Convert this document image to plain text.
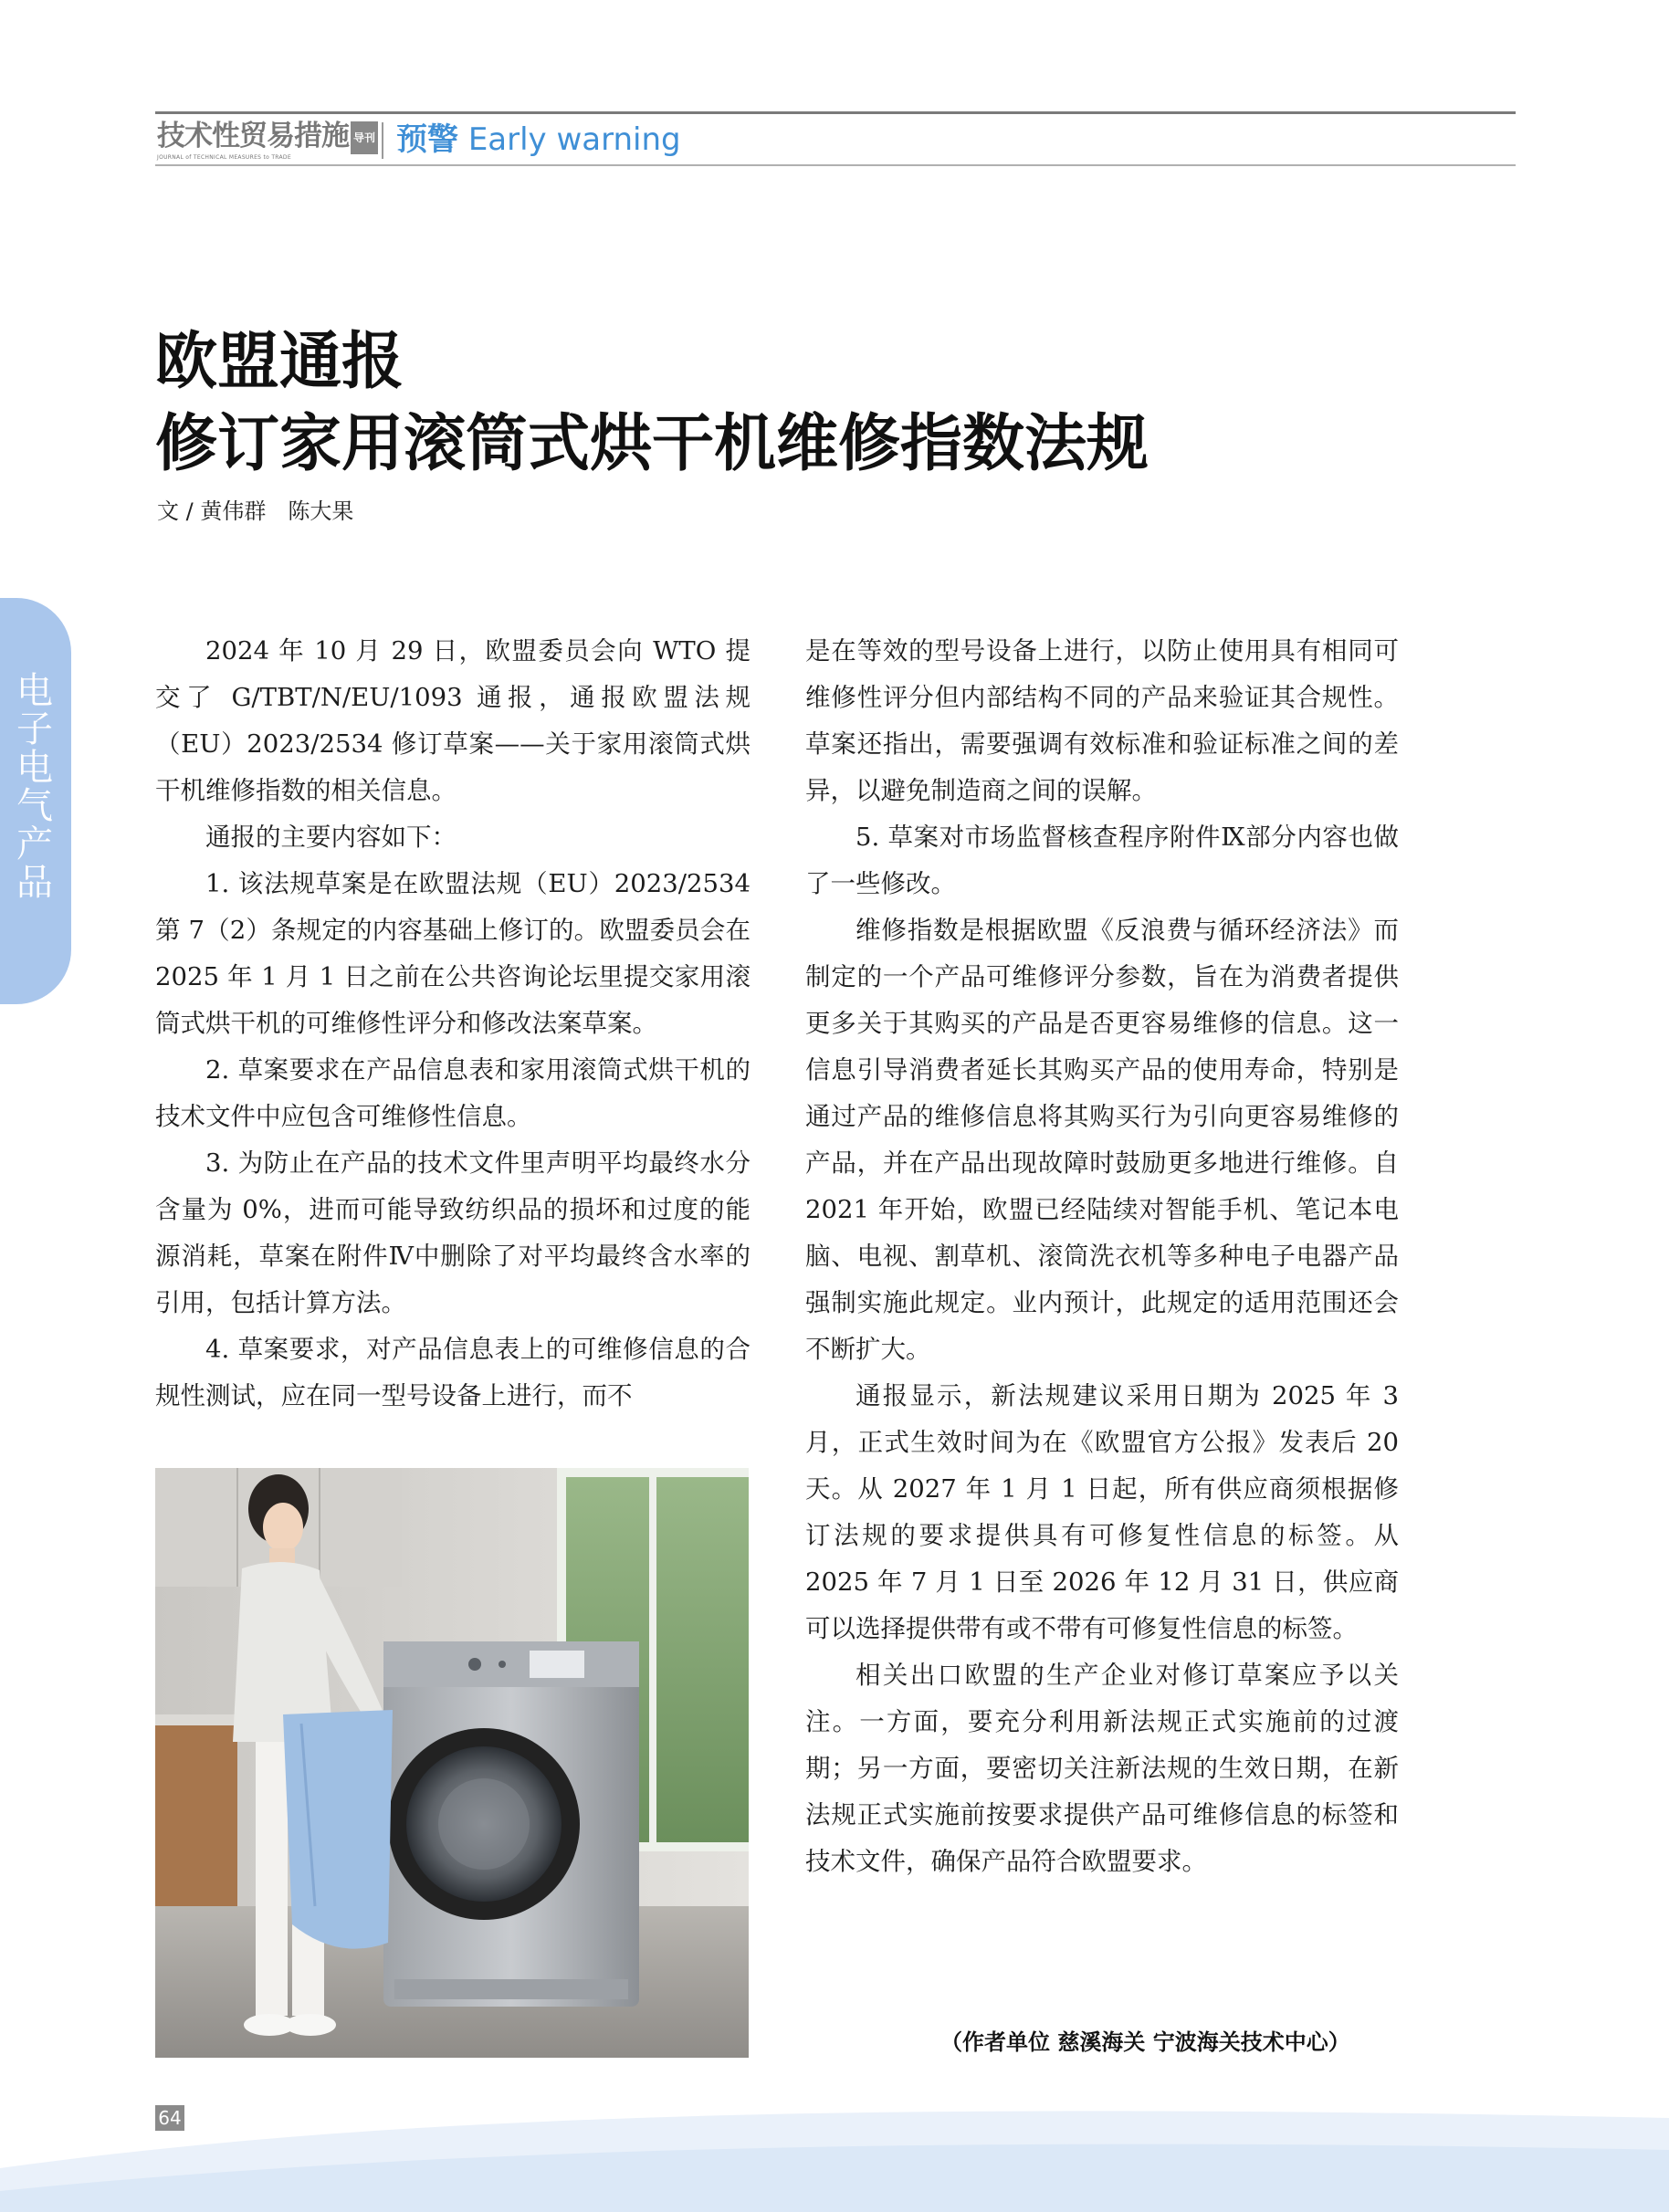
技术性贸易措施 导刊
JOURNAL of TECHNICAL MEASURES to TRADE	预警 Early warning
电子电气产品
欧盟通报
修订家用滚筒式烘干机维修指数法规
文 / 黄伟群　陈大果

2024 年 10 月 29 日，欧盟委员会向 WTO 提交了 G/TBT/N/EU/1093 通报，通报欧盟法规（EU）2023/2534 修订草案——关于家用滚筒式烘干机维修指数的相关信息。

通报的主要内容如下：

1. 该法规草案是在欧盟法规（EU）2023/2534 第 7（2）条规定的内容基础上修订的。欧盟委员会在 2025 年 1 月 1 日之前在公共咨询论坛里提交家用滚筒式烘干机的可维修性评分和修改法案草案。

2. 草案要求在产品信息表和家用滚筒式烘干机的技术文件中应包含可维修性信息。

3. 为防止在产品的技术文件里声明平均最终水分含量为 0%，进而可能导致纺织品的损坏和过度的能源消耗，草案在附件Ⅳ中删除了对平均最终含水率的引用，包括计算方法。

4. 草案要求，对产品信息表上的可维修信息的合规性测试，应在同一型号设备上进行，而不

是在等效的型号设备上进行，以防止使用具有相同可维修性评分但内部结构不同的产品来验证其合规性。草案还指出，需要强调有效标准和验证标准之间的差异，以避免制造商之间的误解。

5. 草案对市场监督核查程序附件Ⅸ部分内容也做了一些修改。

维修指数是根据欧盟《反浪费与循环经济法》而制定的一个产品可维修评分参数，旨在为消费者提供更多关于其购买的产品是否更容易维修的信息。这一信息引导消费者延长其购买产品的使用寿命，特别是通过产品的维修信息将其购买行为引向更容易维修的产品，并在产品出现故障时鼓励更多地进行维修。自 2021 年开始，欧盟已经陆续对智能手机、笔记本电脑、电视、割草机、滚筒洗衣机等多种电子电器产品强制实施此规定。业内预计，此规定的适用范围还会不断扩大。

通报显示，新法规建议采用日期为 2025 年 3 月，正式生效时间为在《欧盟官方公报》发表后 20 天。从 2027 年 1 月 1 日起，所有供应商须根据修订法规的要求提供具有可修复性信息的标签。从 2025 年 7 月 1 日至 2026 年 12 月 31 日，供应商可以选择提供带有或不带有可修复性信息的标签。

相关出口欧盟的生产企业对修订草案应予以关注。一方面，要充分利用新法规正式实施前的过渡期；另一方面，要密切关注新法规的生效日期，在新法规正式实施前按要求提供产品可维修信息的标签和技术文件，确保产品符合欧盟要求。

（作者单位 慈溪海关 宁波海关技术中心）
64
